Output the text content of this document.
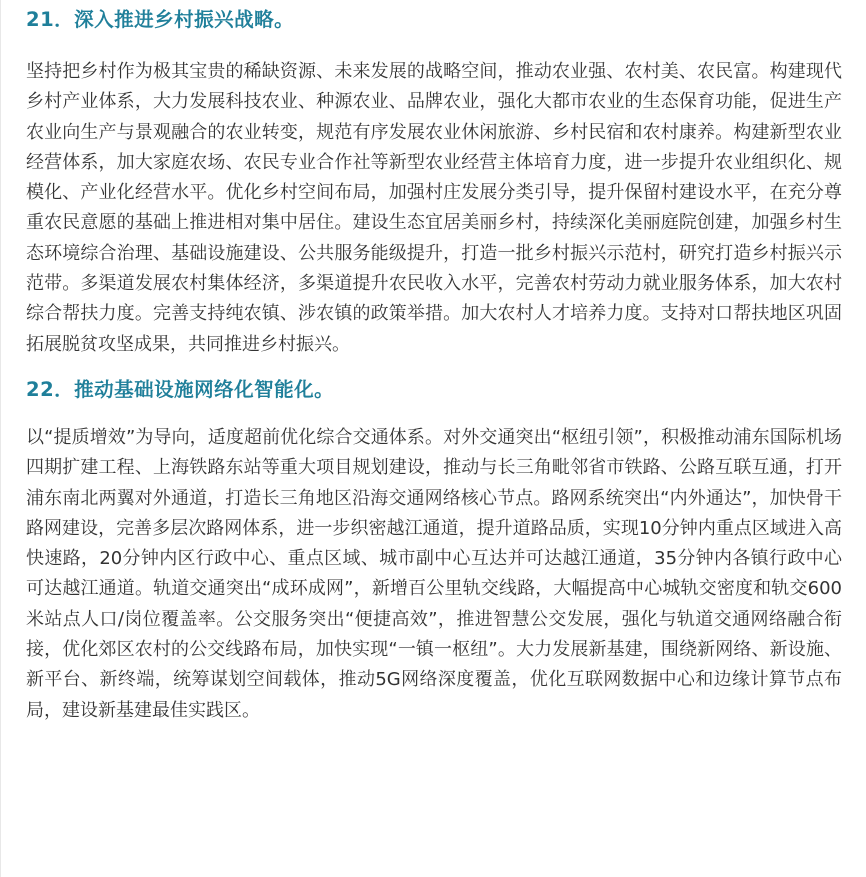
21．深入推进乡村振兴战略。

坚持把乡村作为极其宝贵的稀缺资源、未来发展的战略空间，推动农业强、农村美、农民富。构建现代乡村产业体系，大力发展科技农业、种源农业、品牌农业，强化大都市农业的生态保育功能，促进生产农业向生产与景观融合的农业转变，规范有序发展农业休闲旅游、乡村民宿和农村康养。构建新型农业经营体系，加大家庭农场、农民专业合作社等新型农业经营主体培育力度，进一步提升农业组织化、规模化、产业化经营水平。优化乡村空间布局，加强村庄发展分类引导，提升保留村建设水平，在充分尊重农民意愿的基础上推进相对集中居住。建设生态宜居美丽乡村，持续深化美丽庭院创建，加强乡村生态环境综合治理、基础设施建设、公共服务能级提升，打造一批乡村振兴示范村，研究打造乡村振兴示范带。多渠道发展农村集体经济，多渠道提升农民收入水平，完善农村劳动力就业服务体系，加大农村综合帮扶力度。完善支持纯农镇、涉农镇的政策举措。加大农村人才培养力度。支持对口帮扶地区巩固拓展脱贫攻坚成果，共同推进乡村振兴。

22．推动基础设施网络化智能化。

以“提质增效”为导向，适度超前优化综合交通体系。对外交通突出“枢纽引领”，积极推动浦东国际机场四期扩建工程、上海铁路东站等重大项目规划建设，推动与长三角毗邻省市铁路、公路互联互通，打开浦东南北两翼对外通道，打造长三角地区沿海交通网络核心节点。路网系统突出“内外通达”，加快骨干路网建设，完善多层次路网体系，进一步织密越江通道，提升道路品质，实现10分钟内重点区域进入高快速路，20分钟内区行政中心、重点区域、城市副中心互达并可达越江通道，35分钟内各镇行政中心可达越江通道。轨道交通突出“成环成网”，新增百公里轨交线路，大幅提高中心城轨交密度和轨交600米站点人口/岗位覆盖率。公交服务突出“便捷高效”，推进智慧公交发展，强化与轨道交通网络融合衔接，优化郊区农村的公交线路布局，加快实现“一镇一枢纽”。大力发展新基建，围绕新网络、新设施、新平台、新终端，统筹谋划空间载体，推动5G网络深度覆盖，优化互联网数据中心和边缘计算节点布局，建设新基建最佳实践区。
